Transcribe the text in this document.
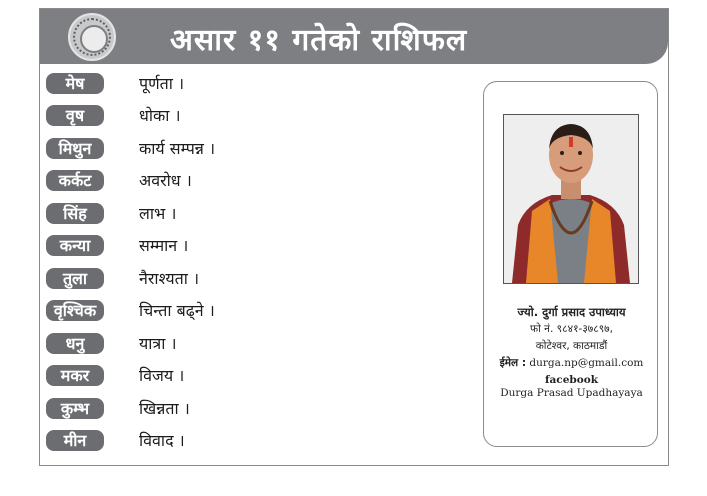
असार ११ गतेको राशिफल
मेष	पूर्णता ।
वृष	धोका ।
मिथुन	कार्य सम्पन्न ।
कर्कट	अवरोध ।
सिंह	लाभ ।
कन्या	सम्मान ।
तुला	नैराश्यता ।
वृश्चिक	चिन्ता बढ्ने ।
धनु	यात्रा ।
मकर	विजय ।
कुम्भ	खिन्नता ।
मीन	विवाद ।
ज्यो. दुर्गा प्रसाद उपाध्याय
फो नं. ९८४१-३७८९७,
कोटेश्वर, काठमाडौं
ईमेल : durga.np@gmail.com
facebook
Durga Prasad Upadhayaya
